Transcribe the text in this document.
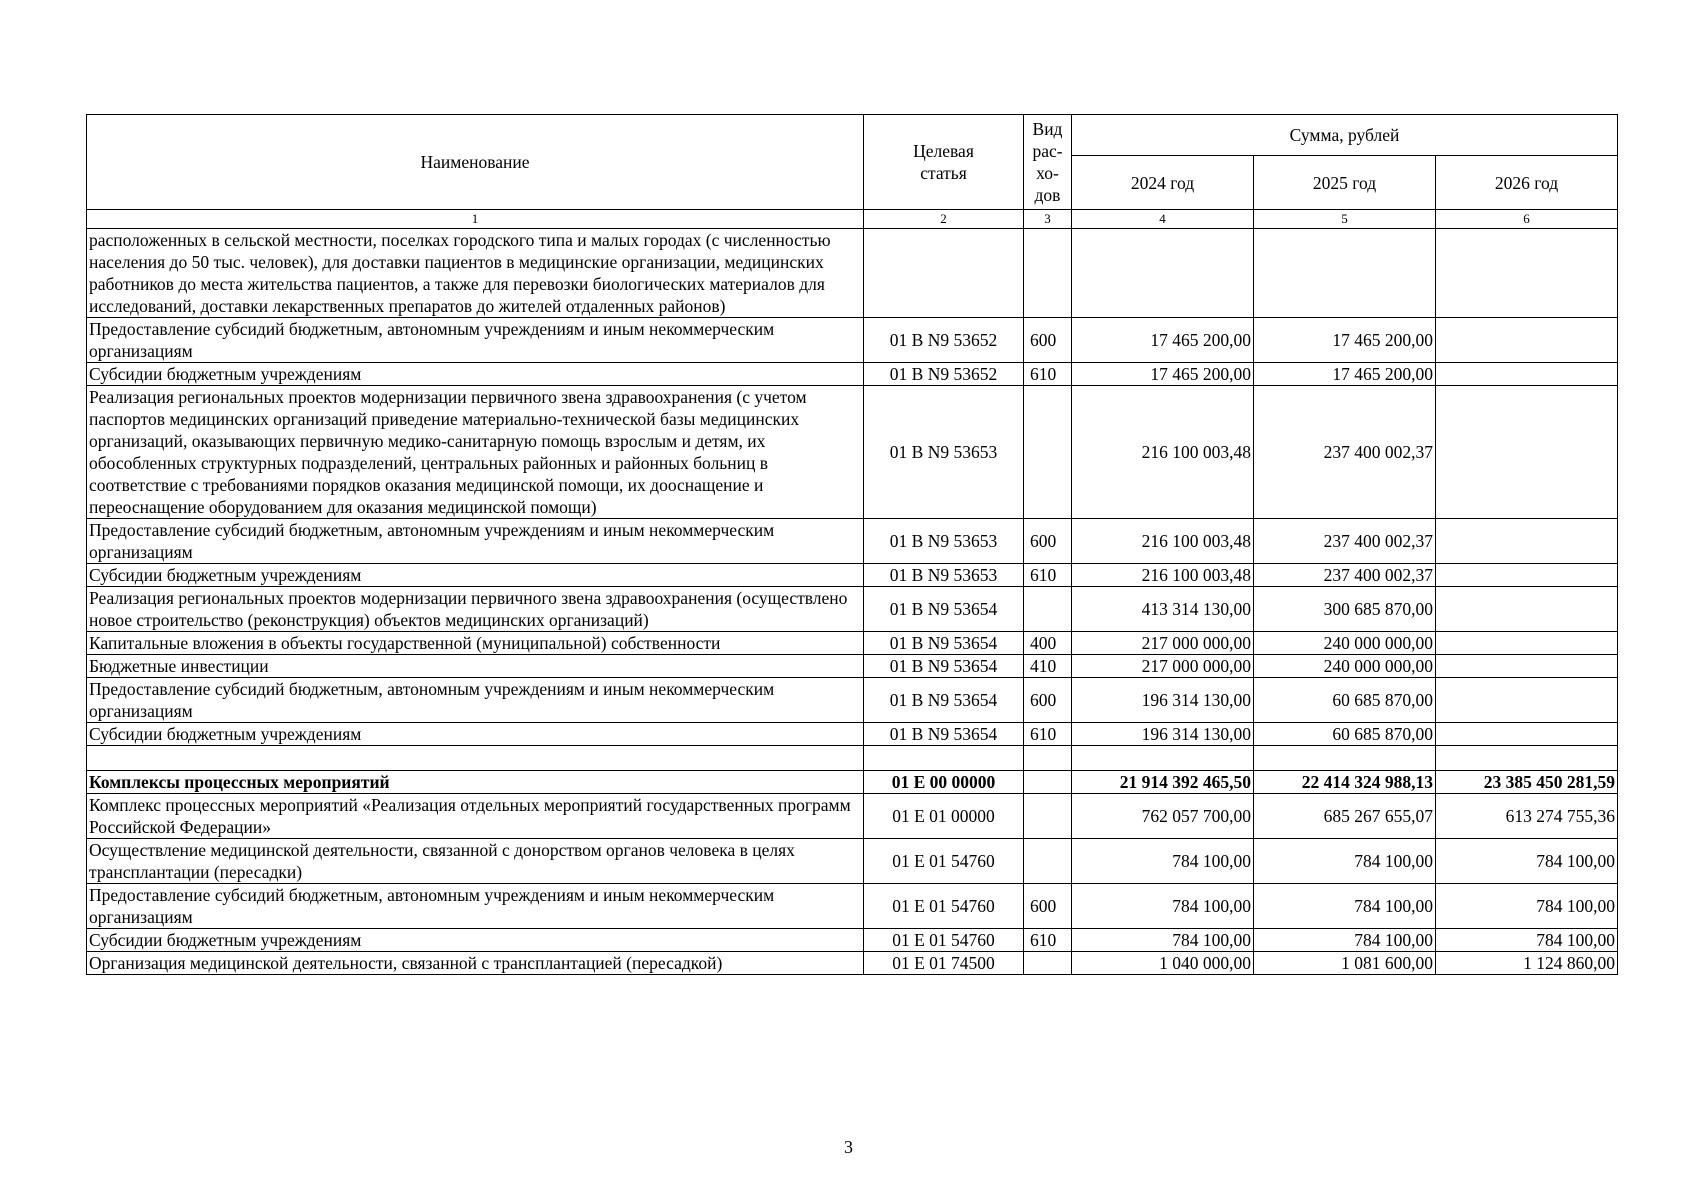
Наименование	Целевая статья	Вид рас- хо- дов	Сумма, рублей		
			2024 год	2025 год	2026 год
1	2	3	4	5	6
расположенных в сельской местности, поселках городского типа и малых городах (с численностью населения до 50 тыс. человек), для доставки пациентов в медицинские организации, медицинских работников до места жительства пациентов, а также для перевозки биологических материалов для исследований, доставки лекарственных препаратов до жителей отдаленных районов)					
Предоставление субсидий бюджетным, автономным учреждениям и иным некоммерческим организациям	01 В N9 53652	600	17 465 200,00	17 465 200,00	
Субсидии бюджетным учреждениям	01 В N9 53652	610	17 465 200,00	17 465 200,00	
Реализация региональных проектов модернизации первичного звена здравоохранения (с учетом паспортов медицинских организаций приведение материально-технической базы медицинских организаций, оказывающих первичную медико-санитарную помощь взрослым и детям, их обособленных структурных подразделений, центральных районных и районных больниц в соответствие с требованиями порядков оказания медицинской помощи, их дооснащение и переоснащение оборудованием для оказания медицинской помощи)	01 В N9 53653		216 100 003,48	237 400 002,37	
Предоставление субсидий бюджетным, автономным учреждениям и иным некоммерческим организациям	01 В N9 53653	600	216 100 003,48	237 400 002,37	
Субсидии бюджетным учреждениям	01 В N9 53653	610	216 100 003,48	237 400 002,37	
Реализация региональных проектов модернизации первичного звена здравоохранения (осуществлено новое строительство (реконструкция) объектов медицинских организаций)	01 В N9 53654		413 314 130,00	300 685 870,00	
Капитальные вложения в объекты государственной (муниципальной) собственности	01 В N9 53654	400	217 000 000,00	240 000 000,00	
Бюджетные инвестиции	01 В N9 53654	410	217 000 000,00	240 000 000,00	
Предоставление субсидий бюджетным, автономным учреждениям и иным некоммерческим организациям	01 В N9 53654	600	196 314 130,00	60 685 870,00	
Субсидии бюджетным учреждениям	01 В N9 53654	610	196 314 130,00	60 685 870,00	

Комплексы процессных мероприятий	01 Е 00 00000		21 914 392 465,50	22 414 324 988,13	23 385 450 281,59
Комплекс процессных мероприятий «Реализация отдельных мероприятий государственных программ Российской Федерации»	01 Е 01 00000		762 057 700,00	685 267 655,07	613 274 755,36
Осуществление медицинской деятельности, связанной с донорством органов человека в целях трансплантации (пересадки)	01 Е 01 54760		784 100,00	784 100,00	784 100,00
Предоставление субсидий бюджетным, автономным учреждениям и иным некоммерческим организациям	01 Е 01 54760	600	784 100,00	784 100,00	784 100,00
Субсидии бюджетным учреждениям	01 Е 01 54760	610	784 100,00	784 100,00	784 100,00
Организация медицинской деятельности, связанной с трансплантацией (пересадкой)	01 Е 01 74500		1 040 000,00	1 081 600,00	1 124 860,00
3
